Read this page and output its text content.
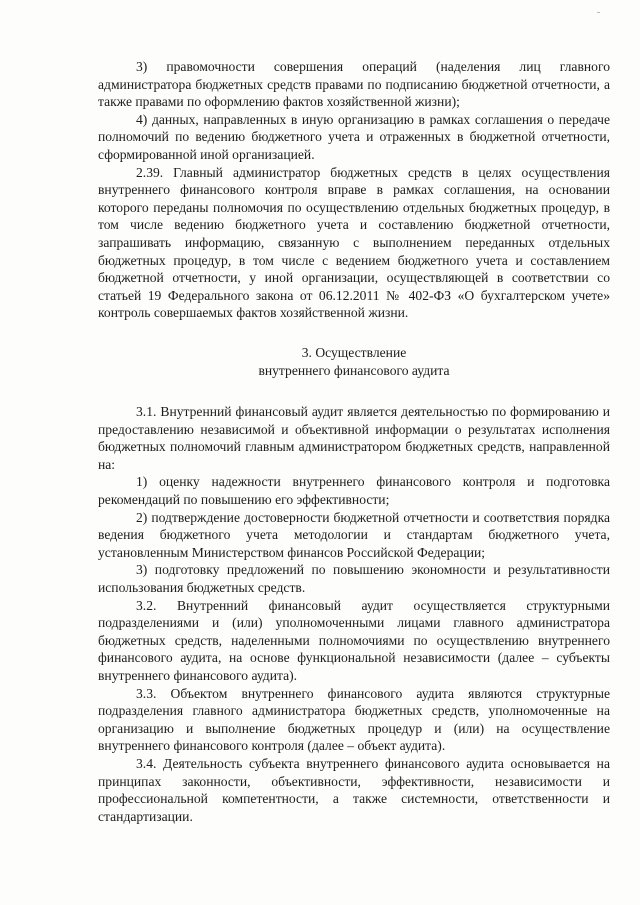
3) правомочности совершения операций (наделения лиц главного администратора бюджетных средств правами по подписанию бюджетной отчетности, а также правами по оформлению фактов хозяйственной жизни);

4) данных, направленных в иную организацию в рамках соглашения о передаче полномочий по ведению бюджетного учета и отраженных в бюджетной отчетности, сформированной иной организацией.

2.39. Главный администратор бюджетных средств в целях осуществления внутреннего финансового контроля вправе в рамках соглашения, на основании которого переданы полномочия по осуществлению отдельных бюджетных процедур, в том числе ведению бюджетного учета и составлению бюджетной отчетности, запрашивать информацию, связанную с выполнением переданных отдельных бюджетных процедур, в том числе с ведением бюджетного учета и составлением бюджетной отчетности, у иной организации, осуществляющей в соответствии со статьей 19 Федерального закона от 06.12.2011 № 402-ФЗ «О бухгалтерском учете» контроль совершаемых фактов хозяйственной жизни.

3. Осуществление
внутреннего финансового аудита

3.1. Внутренний финансовый аудит является деятельностью по формированию и предоставлению независимой и объективной информации о результатах исполнения бюджетных полномочий главным администратором бюджетных средств, направленной на:

1) оценку надежности внутреннего финансового контроля и подготовка рекомендаций по повышению его эффективности;

2) подтверждение достоверности бюджетной отчетности и соответствия порядка ведения бюджетного учета методологии и стандартам бюджетного учета, установленным Министерством финансов Российской Федерации;

3) подготовку предложений по повышению экономности и результативности использования бюджетных средств.

3.2. Внутренний финансовый аудит осуществляется структурными подразделениями и (или) уполномоченными лицами главного администратора бюджетных средств, наделенными полномочиями по осуществлению внутреннего финансового аудита, на основе функциональной независимости (далее – субъекты внутреннего финансового аудита).

3.3. Объектом внутреннего финансового аудита являются структурные подразделения главного администратора бюджетных средств, уполномоченные на организацию и выполнение бюджетных процедур и (или) на осуществление внутреннего финансового контроля (далее – объект аудита).

3.4. Деятельность субъекта внутреннего финансового аудита основывается на принципах законности, объективности, эффективности, независимости и профессиональной компетентности, а также системности, ответственности и стандартизации.
